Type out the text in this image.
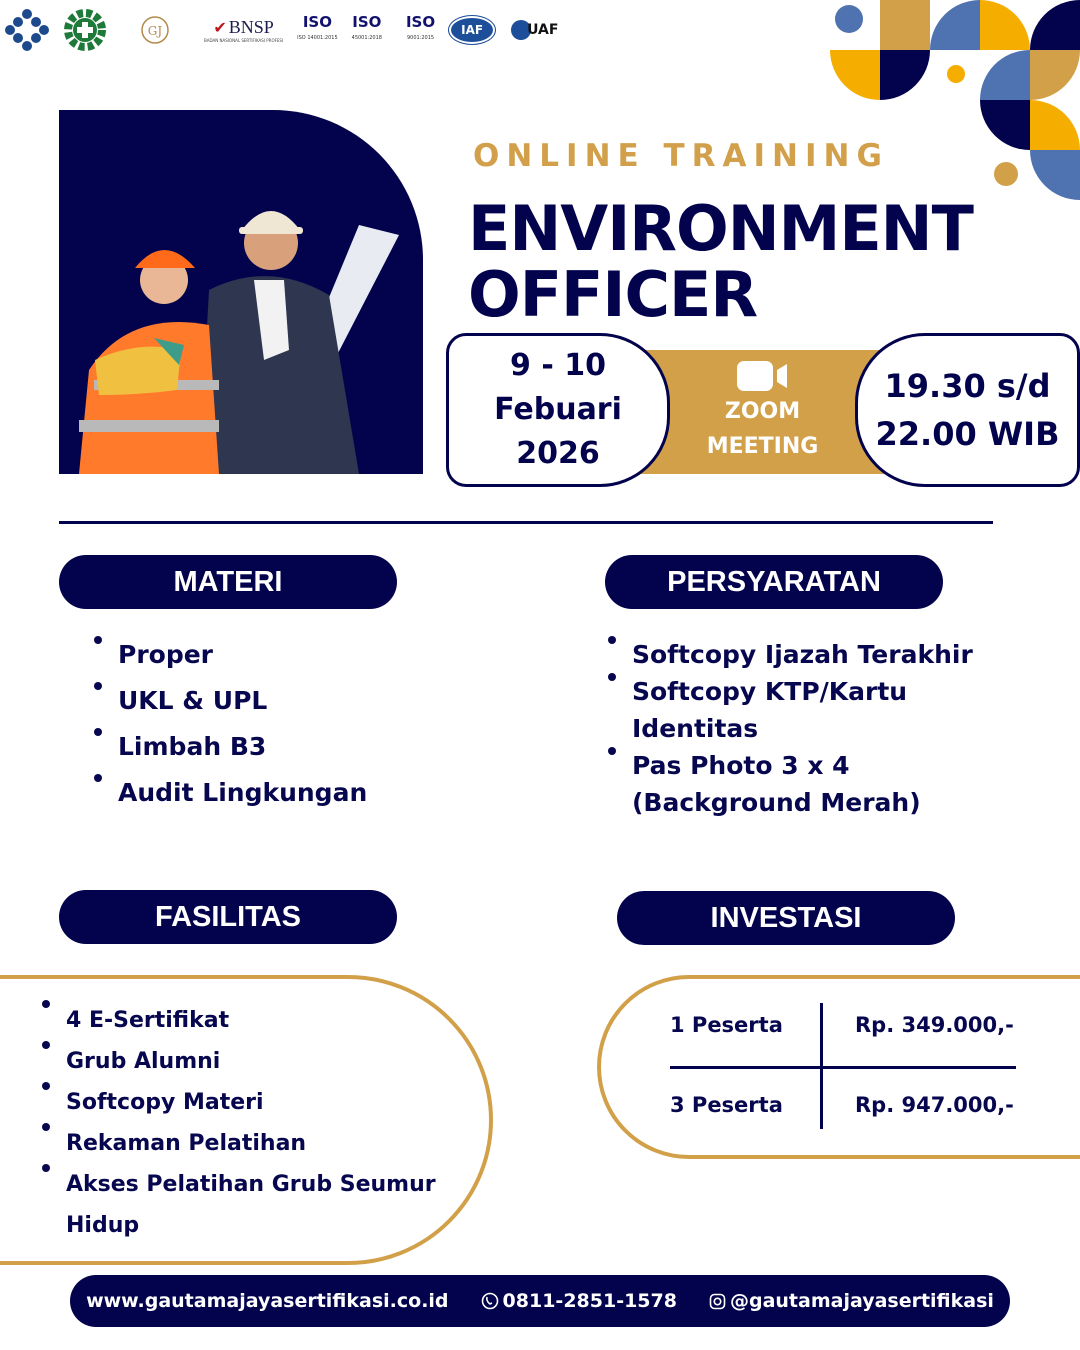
GJ	✔ BNSP
BADAN NASIONAL SERTIFIKASI PROFESI
ISO
ISO 14001:2015
ISO
45001:2018
ISO
9001:2015
IAF	UAF
ONLINE TRAINING
ENVIRONMENT
OFFICER
9 - 10
Febuari
2026
ZOOM
MEETING
19.30 s/d
22.00 WIB
MATERI
Proper
UKL & UPL
Limbah B3
Audit Lingkungan
PERSYARATAN
Softcopy Ijazah Terakhir
Softcopy KTP/Kartu Identitas
Pas Photo 3 x 4 (Background Merah)
FASILITAS
4 E-Sertifikat
Grub Alumni
Softcopy Materi
Rekaman Pelatihan
Akses Pelatihan Grub Seumur Hidup
INVESTASI
1 Peserta	Rp. 349.000,-
3 Peserta	Rp. 947.000,-
www.gautamajayasertifikasi.co.id	0811-2851-1578	@gautamajayasertifikasi
